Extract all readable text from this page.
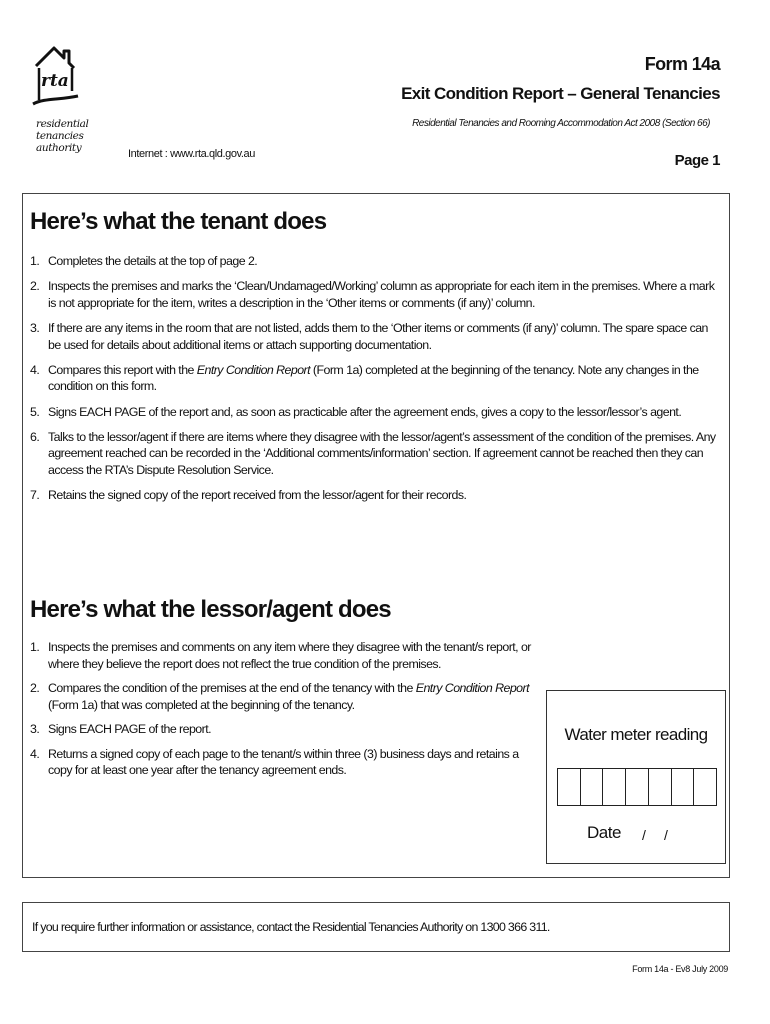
rta
residential
tenancies
authority
Form 14a
Exit Condition Report – General Tenancies
Residential Tenancies and Rooming Accommodation Act 2008 (Section 66)
Internet : www.rta.qld.gov.au	Page 1
Here’s what the tenant does
1. Completes the details at the top of page 2.
2. Inspects the premises and marks the ‘Clean/Undamaged/Working’ column as appropriate for each item in the premises. Where a mark is not appropriate for the item, writes a description in the ‘Other items or comments (if any)’ column.
3. If there are any items in the room that are not listed, adds them to the ‘Other items or comments (if any)’ column. The spare space can be used for details about additional items or attach supporting documentation.
4. Compares this report with the Entry Condition Report (Form 1a) completed at the beginning of the tenancy. Note any changes in the condition on this form.
5. Signs EACH PAGE of the report and, as soon as practicable after the agreement ends, gives a copy to the lessor/lessor’s agent.
6. Talks to the lessor/agent if there are items where they disagree with the lessor/agent’s assessment of the condition of the premises. Any agreement reached can be recorded in the ‘Additional comments/information’ section. If agreement cannot be reached then they can access the RTA’s Dispute Resolution Service.
7. Retains the signed copy of the report received from the lessor/agent for their records.
Here’s what the lessor/agent does
1. Inspects the premises and comments on any item where they disagree with the tenant/s report, or where they believe the report does not reflect the true condition of the premises.
2. Compares the condition of the premises at the end of the tenancy with the Entry Condition Report (Form 1a) that was completed at the beginning of the tenancy.
3. Signs EACH PAGE of the report.
4. Returns a signed copy of each page to the tenant/s within three (3) business days and retains a copy for at least one year after the tenancy agreement ends.
Water meter reading
Date / /
If you require further information or assistance, contact the Residential Tenancies Authority on 1300 366 311.
Form 14a - Ev8 July 2009
